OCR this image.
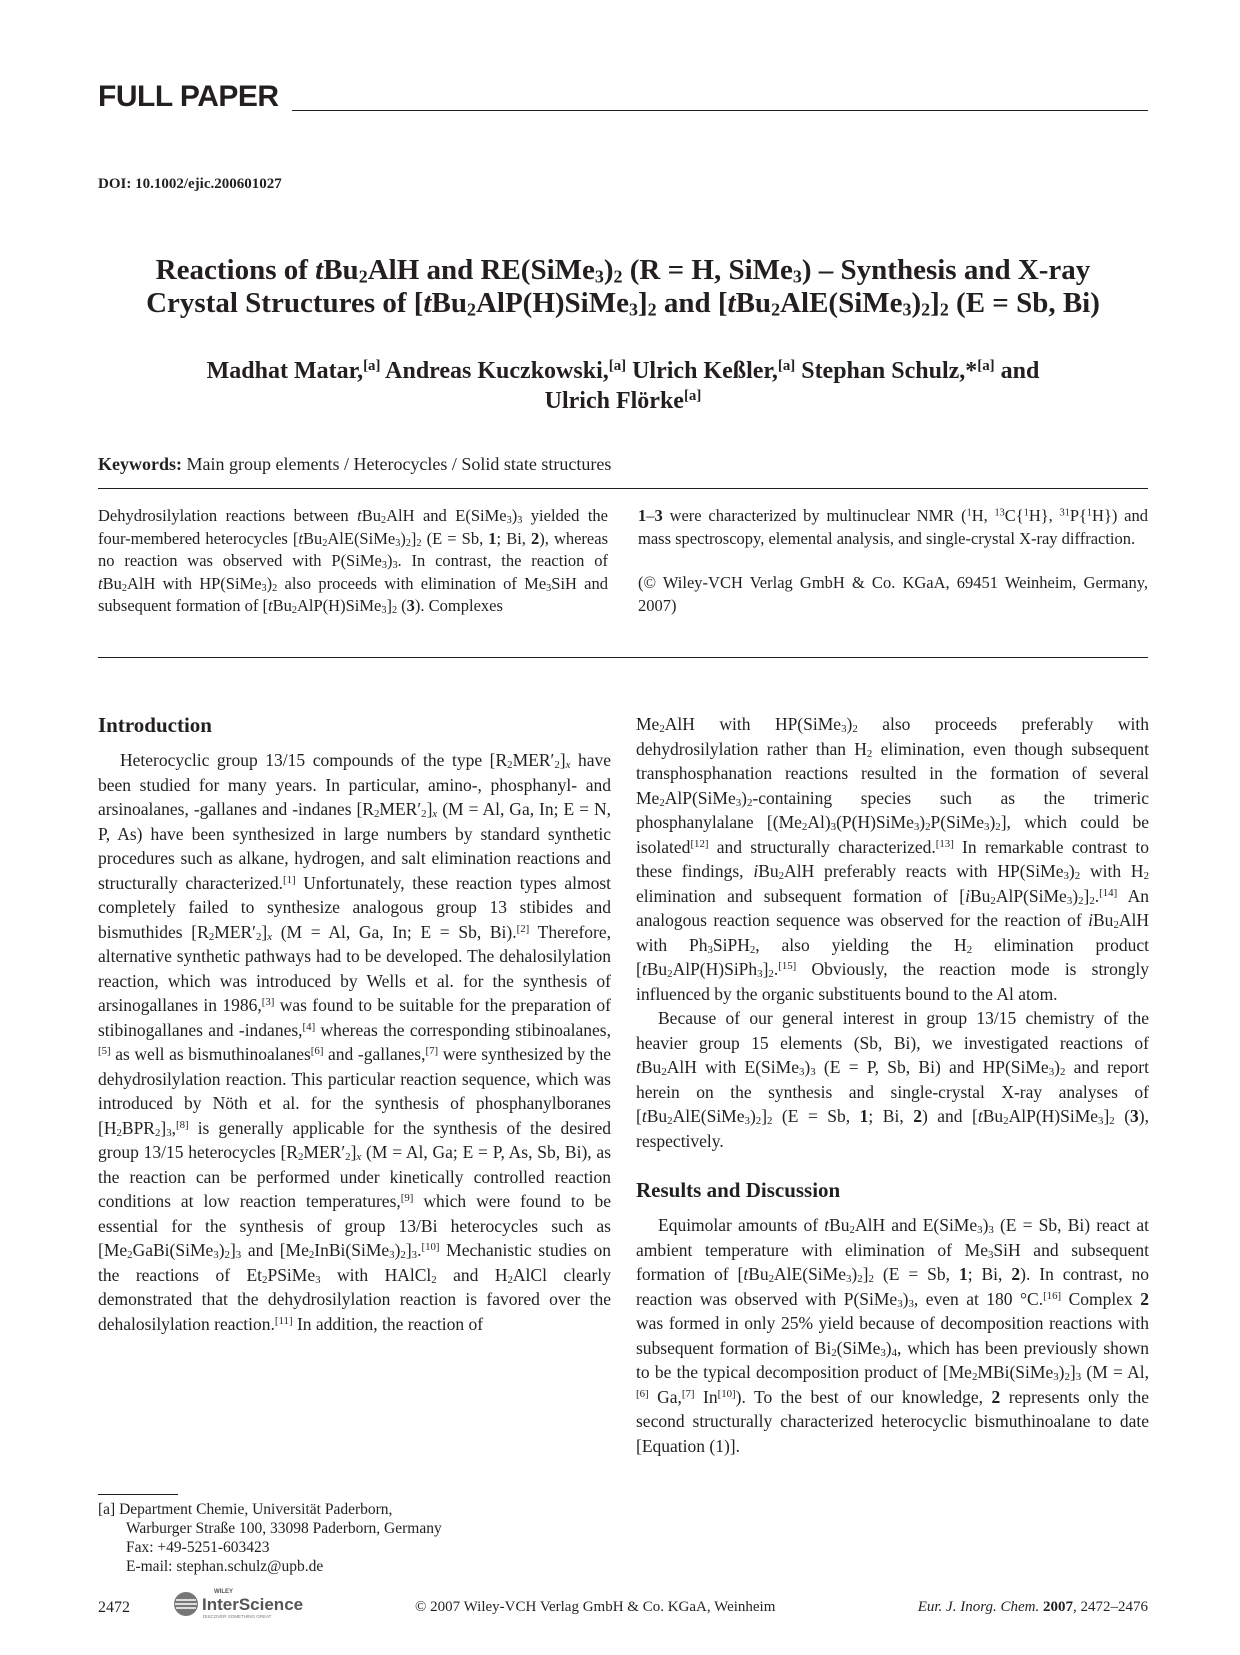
FULL PAPER
DOI: 10.1002/ejic.200601027
Reactions of tBu$_2$AlH and $RE(SiMe_3)_2$ (R = H, SiMe$_3$) – Synthesis and X-ray
Crystal Structures of $[tBu_2AlP(H)SiMe_3]_2$ and $[tBu_2AlE(SiMe_3)_2]_2$ (E = Sb, Bi)
Madhat Matar,[a] Andreas Kuczkowski,[a] Ulrich Keßler,[a] Stephan Schulz,*[a] and
Ulrich Flörke[a]
Keywords: Main group elements / Heterocycles / Solid state structures

Dehydrosilylation reactions between tBu$_2$AlH and $E(SiMe_3)_3$ yielded the four-membered heterocycles $[tBu_2AlE(SiMe_3)_2]_2$ (E = Sb, 1; Bi, 2), whereas no reaction was observed with $P(SiMe_3)_3$. In contrast, the reaction of tBu$_2$AlH with $HP(SiMe_3)_2$ also proceeds with elimination of $Me_3SiH$ and subsequent formation of $[tBu_2AlP(H)SiMe_3]_2$ (3). Complexes

1–3 were characterized by multinuclear NMR ($^1$H, $^{13}$C{$^1$H}, $^{31}$P{$^1$H}) and mass spectroscopy, elemental analysis, and single-crystal X-ray diffraction.

(© Wiley-VCH Verlag GmbH & Co. KGaA, 69451 Weinheim, Germany, 2007)

Introduction

Heterocyclic group 13/15 compounds of the type $[R_2MER'_2]_x$ have been studied for many years. In particular, amino-, phosphanyl- and arsinoalanes, -gallanes and -indanes $[R_2MER'_2]_x$ (M = Al, Ga, In; E = N, P, As) have been synthesized in large numbers by standard synthetic procedures such as alkane, hydrogen, and salt elimination reactions and structurally characterized.[1] Unfortunately, these reaction types almost completely failed to synthesize analogous group 13 stibides and bismuthides $[R_2MER'_2]_x$ (M = Al, Ga, In; E = Sb, Bi).[2] Therefore, alternative synthetic pathways had to be developed. The dehalosilylation reaction, which was introduced by Wells et al. for the synthesis of arsinogallanes in 1986,[3] was found to be suitable for the preparation of stibinogallanes and -indanes,[4] whereas the corresponding stibinoalanes,[5] as well as bismuthinoalanes[6] and -gallanes,[7] were synthesized by the dehydrosilylation reaction. This particular reaction sequence, which was introduced by Nöth et al. for the synthesis of phosphanylboranes $[H_2BPR_2]_3,[8]$ is generally applicable for the synthesis of the desired group 13/15 heterocycles $[R_2MER'_2]_x$ (M = Al, Ga; E = P, As, Sb, Bi), as the reaction can be performed under kinetically controlled reaction conditions at low reaction temperatures,[9] which were found to be essential for the synthesis of group 13/Bi heterocycles such as $[Me_2GaBi(SiMe_3)_2]_3$ and $[Me_2InBi(SiMe_3)_2]_3.[10]$ Mechanistic studies on the reactions of $Et_2PSiMe_3$ with HAlCl$_2$ and $H_2AlCl$ clearly demonstrated that the dehydrosilylation reaction is favored over the dehalosilylation reaction.[11] In addition, the reaction of

$Me_2AlH$ with $HP(SiMe_3)_2$ also proceeds preferably with dehydrosilylation rather than $H_2$ elimination, even though subsequent transphosphanation reactions resulted in the formation of several $Me_2AlP(SiMe_3)_2$-containing species such as the trimeric phosphanylalane $[(Me_2Al)_3(P(H)SiMe_3)_2P(SiMe_3)_2]$, which could be isolated[12] and structurally characterized.[13] In remarkable contrast to these findings, iBu$_2$AlH preferably reacts with $HP(SiMe_3)_2$ with $H_2$ elimination and subsequent formation of $[iBu_2AlP(SiMe_3)_2]_2.[14]$ An analogous reaction sequence was observed for the reaction of iBu$_2$AlH with $Ph_3SiPH_2$, also yielding the $H_2$ elimination product $[tBu_2AlP(H)SiPh_3]_2.[15]$ Obviously, the reaction mode is strongly influenced by the organic substituents bound to the Al atom.

Because of our general interest in group 13/15 chemistry of the heavier group 15 elements (Sb, Bi), we investigated reactions of tBu$_2$AlH with $E(SiMe_3)_3$ (E = P, Sb, Bi) and $HP(SiMe_3)_2$ and report herein on the synthesis and single-crystal X-ray analyses of $[tBu_2AlE(SiMe_3)_2]_2$ (E = Sb, 1; Bi, 2) and $[tBu_2AlP(H)SiMe_3]_2$ (3), respectively.

Results and Discussion

Equimolar amounts of tBu$_2$AlH and $E(SiMe_3)_3$ (E = Sb, Bi) react at ambient temperature with elimination of $Me_3SiH$ and subsequent formation of $[tBu_2AlE(SiMe_3)_2]_2$ (E = Sb, 1; Bi, 2). In contrast, no reaction was observed with $P(SiMe_3)_3$, even at 180 °C.[16] Complex 2 was formed in only 25% yield because of decomposition reactions with subsequent formation of $Bi_2(SiMe_3)_4$, which has been previously shown to be the typical decomposition product of $[Me_2MBi(SiMe_3)_2]_3$ (M = Al,[6] Ga,[7] In[10]). To the best of our knowledge, 2 represents only the second structurally characterized heterocyclic bismuthinoalane to date [Equation (1)].

[a] Department Chemie, Universität Paderborn,
Warburger Straße 100, 33098 Paderborn, Germany
Fax: +49-5251-603423
E-mail: stephan.schulz@upb.de
2472
WILEY
InterScience
DISCOVER SOMETHING GREAT
© 2007 Wiley-VCH Verlag GmbH & Co. KGaA, Weinheim	Eur. J. Inorg. Chem. 2007, 2472–2476
